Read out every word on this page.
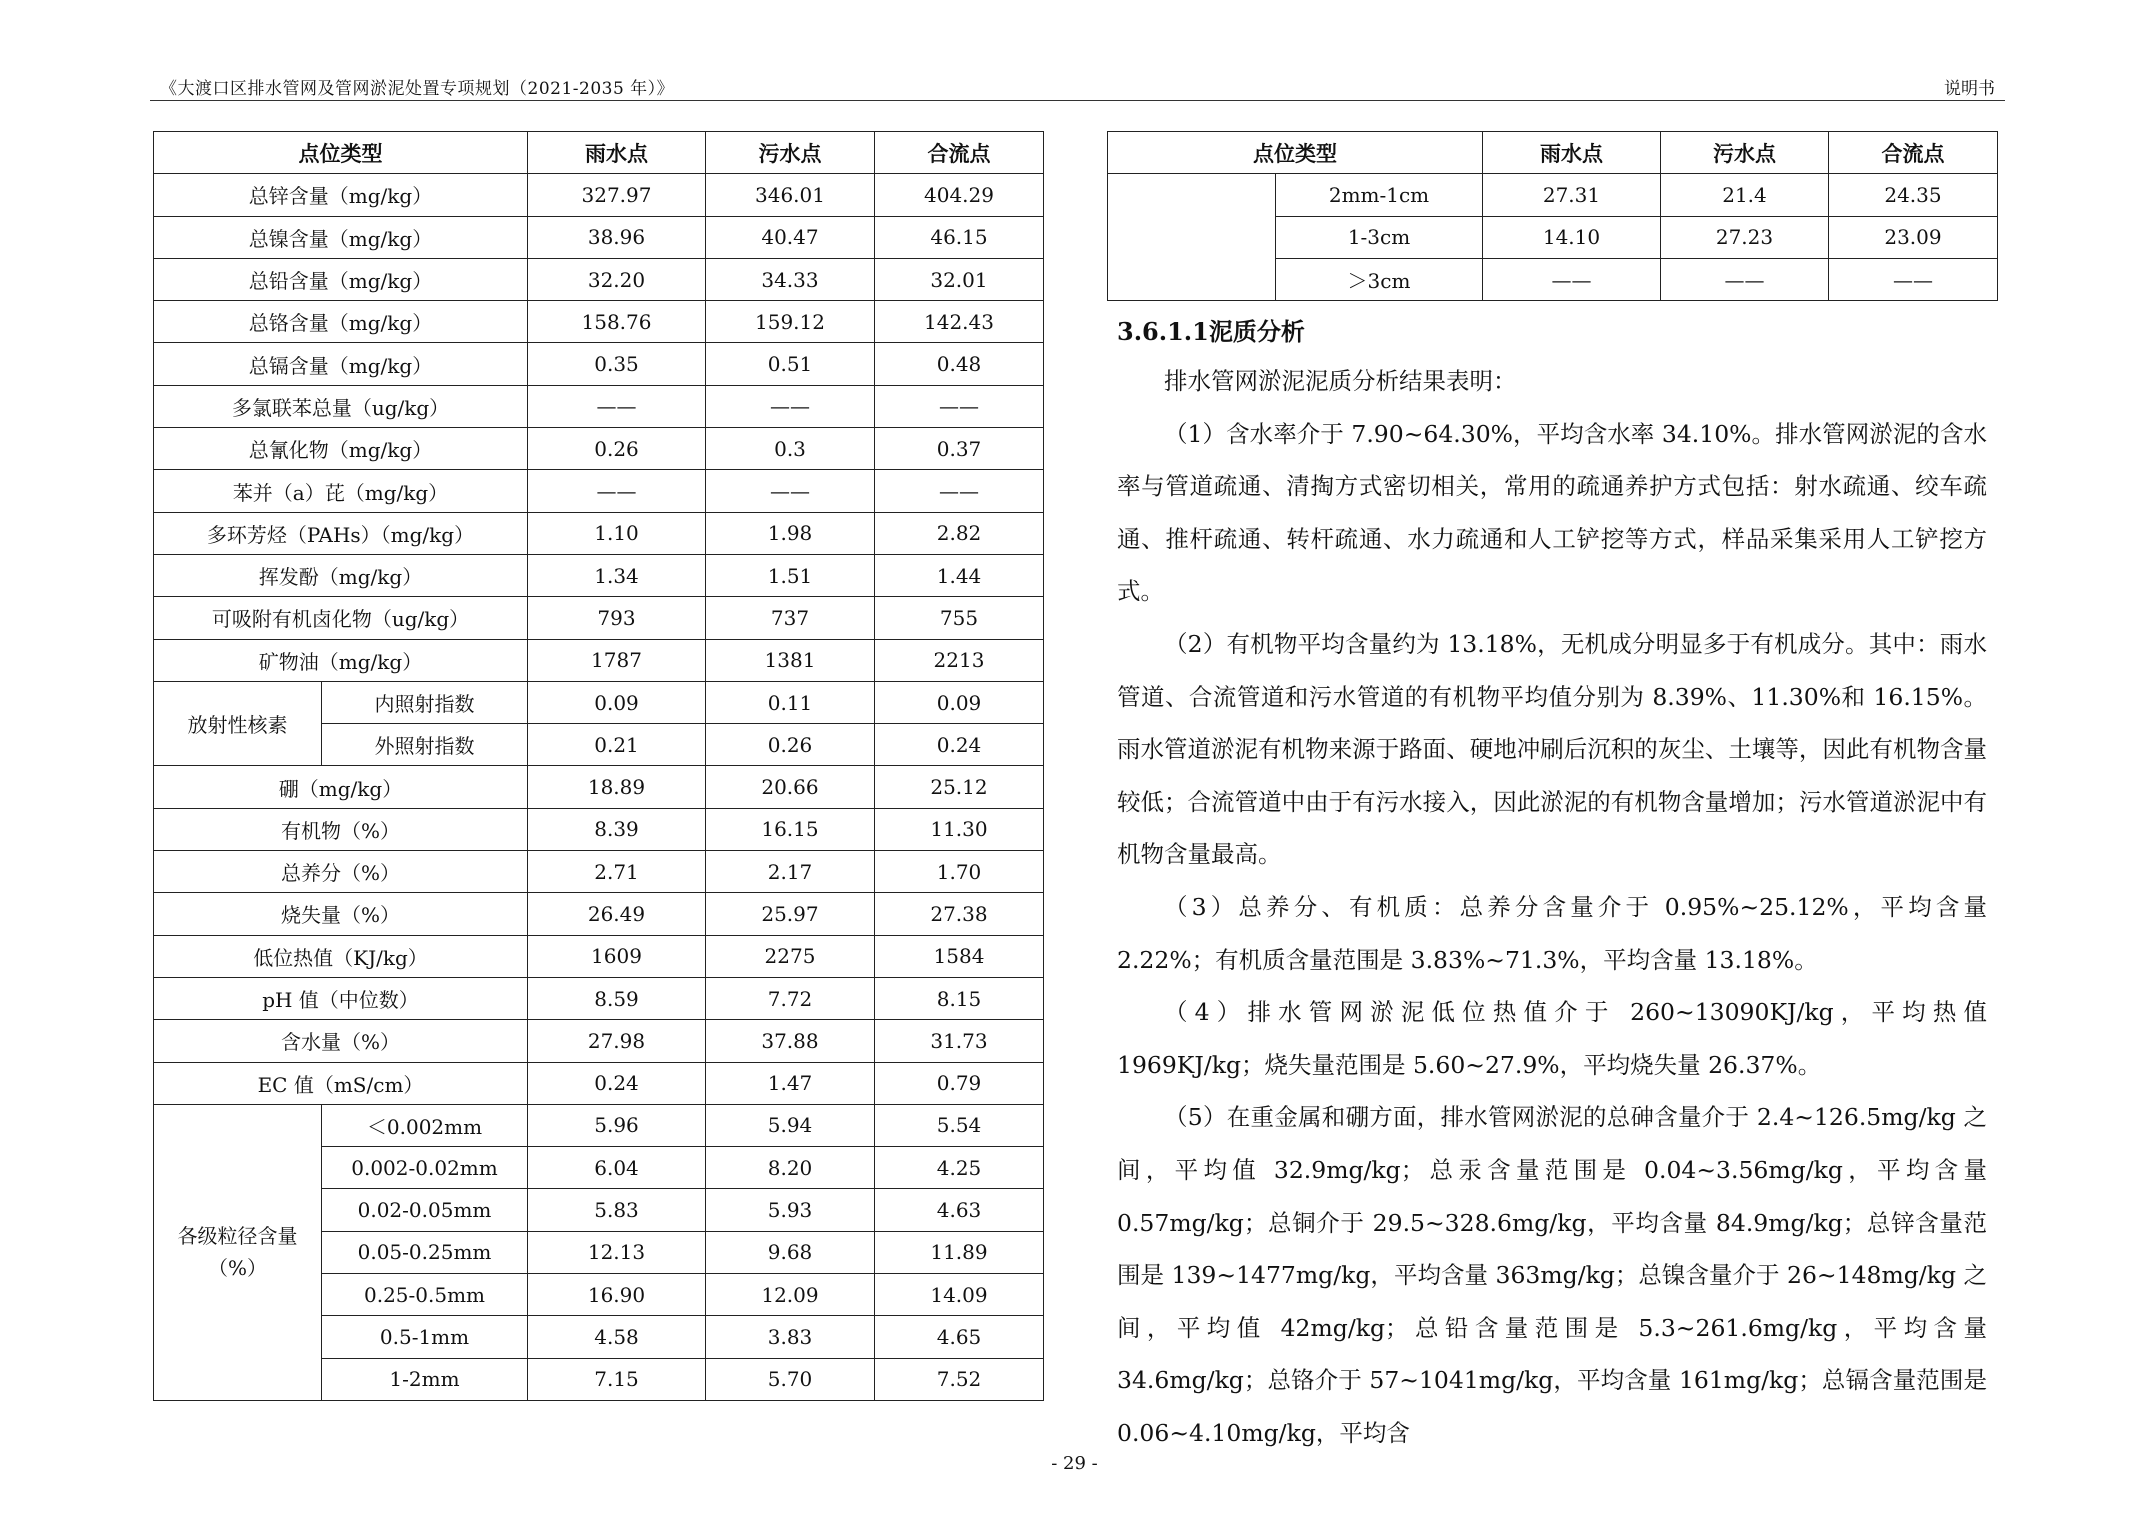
《大渡口区排水管网及管网淤泥处置专项规划（2021-2035 年）》	说明书
点位类型		雨水点	污水点	合流点
总锌含量（mg/kg）		327.97	346.01	404.29
总镍含量（mg/kg）		38.96	40.47	46.15
总铅含量（mg/kg）		32.20	34.33	32.01
总铬含量（mg/kg）		158.76	159.12	142.43
总镉含量（mg/kg）		0.35	0.51	0.48
多氯联苯总量（ug/kg）		——	——	——
总氰化物（mg/kg）		0.26	0.3	0.37
苯并（a）芘（mg/kg）		——	——	——
多环芳烃（PAHs）（mg/kg）		1.10	1.98	2.82
挥发酚（mg/kg）		1.34	1.51	1.44
可吸附有机卤化物（ug/kg）		793	737	755
矿物油（mg/kg）		1787	1381	2213
放射性核素	内照射指数	0.09	0.11	0.09
	外照射指数	0.21	0.26	0.24
硼（mg/kg）		18.89	20.66	25.12
有机物（%）		8.39	16.15	11.30
总养分（%）		2.71	2.17	1.70
烧失量（%）		26.49	25.97	27.38
低位热值（KJ/kg）		1609	2275	1584
pH 值（中位数）		8.59	7.72	8.15
含水量（%）		27.98	37.88	31.73
EC 值（mS/cm）		0.24	1.47	0.79

各级粒径含量
（%）	＜0.002mm	5.96	5.94	5.54
	0.002-0.02mm	6.04	8.20	4.25
	0.02-0.05mm	5.83	5.93	4.63
	0.05-0.25mm	12.13	9.68	11.89
	0.25-0.5mm	16.90	12.09	14.09
	0.5-1mm	4.58	3.83	4.65
	1-2mm	7.15	5.70	7.52
点位类型		雨水点	污水点	合流点
	2mm-1cm	27.31	21.4	24.35
	1-3cm	14.10	27.23	23.09
	＞3cm	——	——	——
3.6.1.1泥质分析

排水管网淤泥泥质分析结果表明：

（1）含水率介于 7.90~64.30%，平均含水率 34.10%。排水管网淤泥的含水率与管道疏通、清掏方式密切相关，常用的疏通养护方式包括：射水疏通、绞车疏通、推杆疏通、转杆疏通、水力疏通和人工铲挖等方式，样品采集采用人工铲挖方式。

（2）有机物平均含量约为 13.18%，无机成分明显多于有机成分。其中：雨水管道、合流管道和污水管道的有机物平均值分别为 8.39%、11.30%和 16.15%。雨水管道淤泥有机物来源于路面、硬地冲刷后沉积的灰尘、土壤等，因此有机物含量较低；合流管道中由于有污水接入，因此淤泥的有机物含量增加；污水管道淤泥中有机物含量最高。

（3）总养分、有机质：总养分含量介于 0.95%~25.12%，平均含量 2.22%；有机质含量范围是 3.83%~71.3%，平均含量 13.18%。

（4）排水管网淤泥低位热值介于 260~13090KJ/kg，平均热值 1969KJ/kg；烧失量范围是 5.60~27.9%，平均烧失量 26.37%。

（5）在重金属和硼方面，排水管网淤泥的总砷含量介于 2.4~126.5mg/kg 之间，平均值 32.9mg/kg；总汞含量范围是 0.04~3.56mg/kg，平均含量 0.57mg/kg；总铜介于 29.5~328.6mg/kg，平均含量 84.9mg/kg；总锌含量范围是 139~1477mg/kg，平均含量 363mg/kg；总镍含量介于 26~148mg/kg 之间，平均值 42mg/kg；总铅含量范围是 5.3~261.6mg/kg，平均含量 34.6mg/kg；总铬介于 57~1041mg/kg，平均含量 161mg/kg；总镉含量范围是 0.06~4.10mg/kg，平均含

- 29 -
